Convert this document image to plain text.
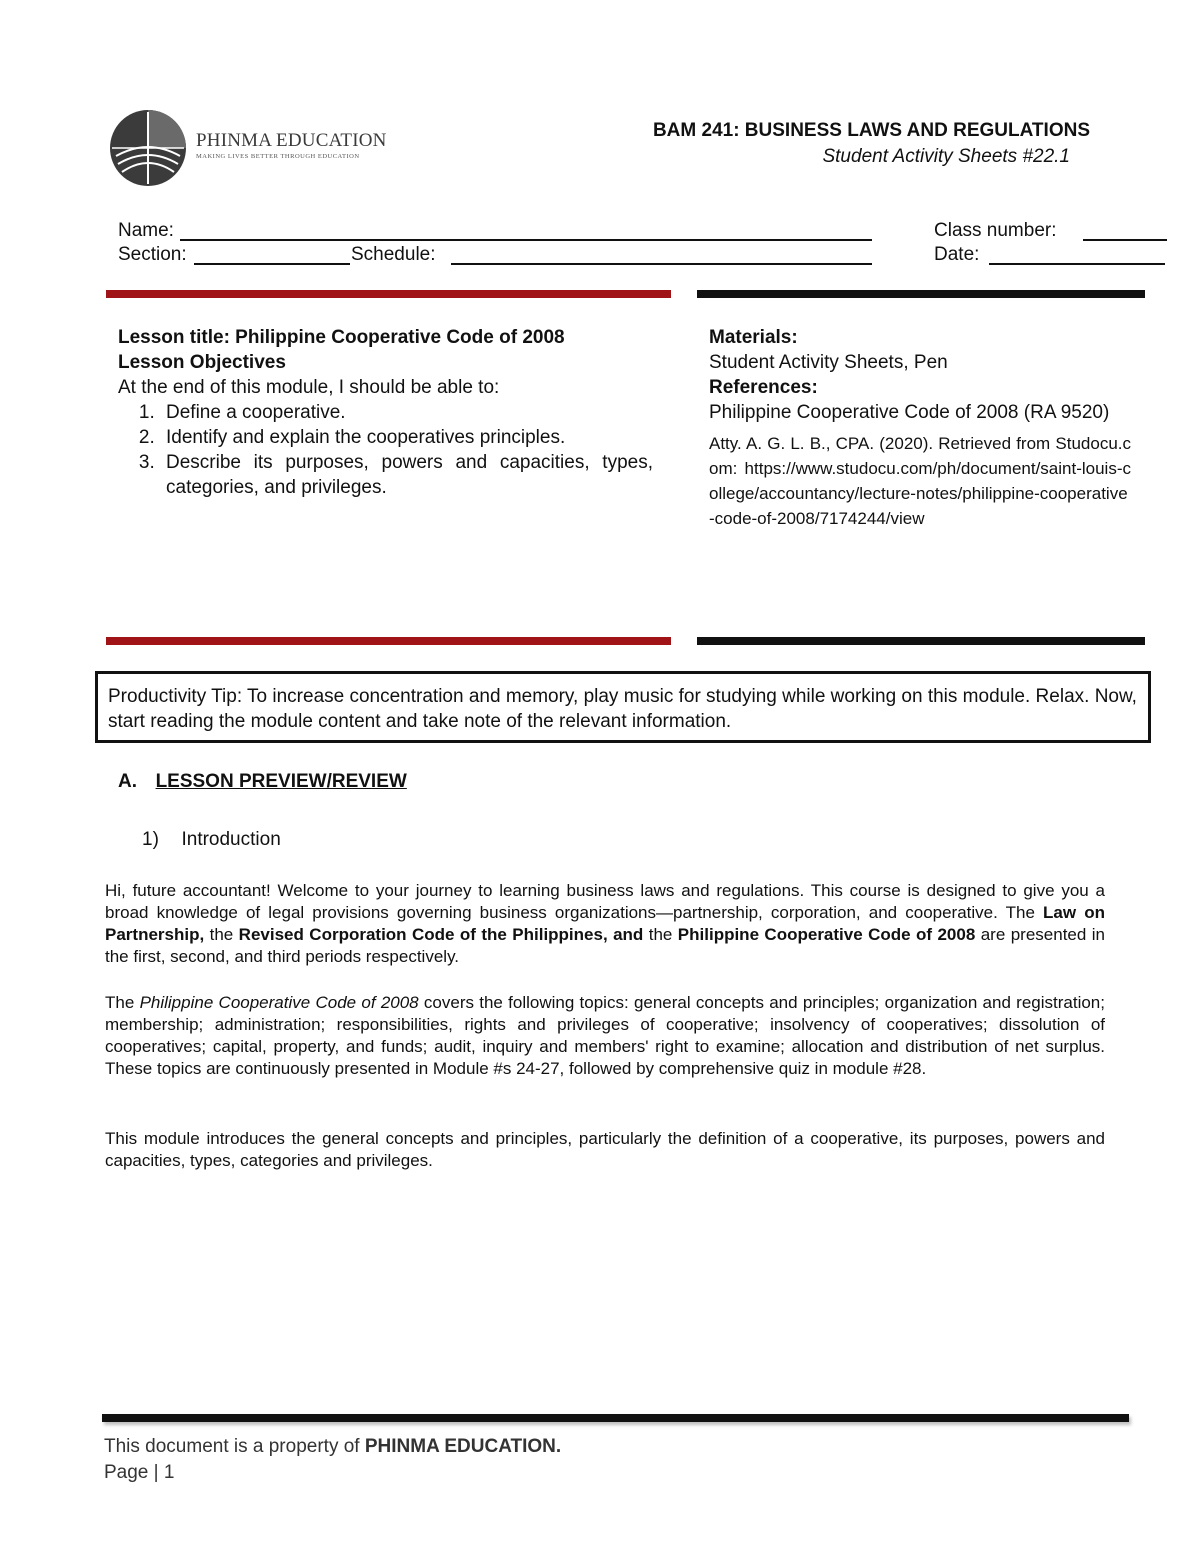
PHINMA EDUCATION
MAKING LIVES BETTER THROUGH EDUCATION
BAM 241: BUSINESS LAWS AND REGULATIONS
Student Activity Sheets #22.1
Name:	Class number:
Section:	Schedule:	Date:
Lesson title: Philippine Cooperative Code of 2008
Lesson Objectives
At the end of this module, I should be able to:
1. Define a cooperative.
2. Identify and explain the cooperatives principles.
3. Describe its purposes, powers and capacities, types, categories, and privileges.
Materials:
Student Activity Sheets, Pen
References:
Philippine Cooperative Code of 2008 (RA 9520)
Atty. A. G. L. B., CPA. (2020). Retrieved from Studocu.com: https://www.studocu.com/ph/document/saint-louis-college/accountancy/lecture-notes/philippine-cooperative-code-of-2008/7174244/view
Productivity Tip: To increase concentration and memory, play music for studying while working on this module. Relax. Now, start reading the module content and take note of the relevant information.
A. LESSON PREVIEW/REVIEW
1) Introduction
Hi, future accountant! Welcome to your journey to learning business laws and regulations. This course is designed to give you a broad knowledge of legal provisions governing business organizations—partnership, corporation, and cooperative. The Law on Partnership, the Revised Corporation Code of the Philippines, and the Philippine Cooperative Code of 2008 are presented in the first, second, and third periods respectively.
The Philippine Cooperative Code of 2008 covers the following topics: general concepts and principles; organization and registration; membership; administration; responsibilities, rights and privileges of cooperative; insolvency of cooperatives; dissolution of cooperatives; capital, property, and funds; audit, inquiry and members' right to examine; allocation and distribution of net surplus. These topics are continuously presented in Module #s 24-27, followed by comprehensive quiz in module #28.
This module introduces the general concepts and principles, particularly the definition of a cooperative, its purposes, powers and capacities, types, categories and privileges.
This document is a property of PHINMA EDUCATION.
Page | 1
